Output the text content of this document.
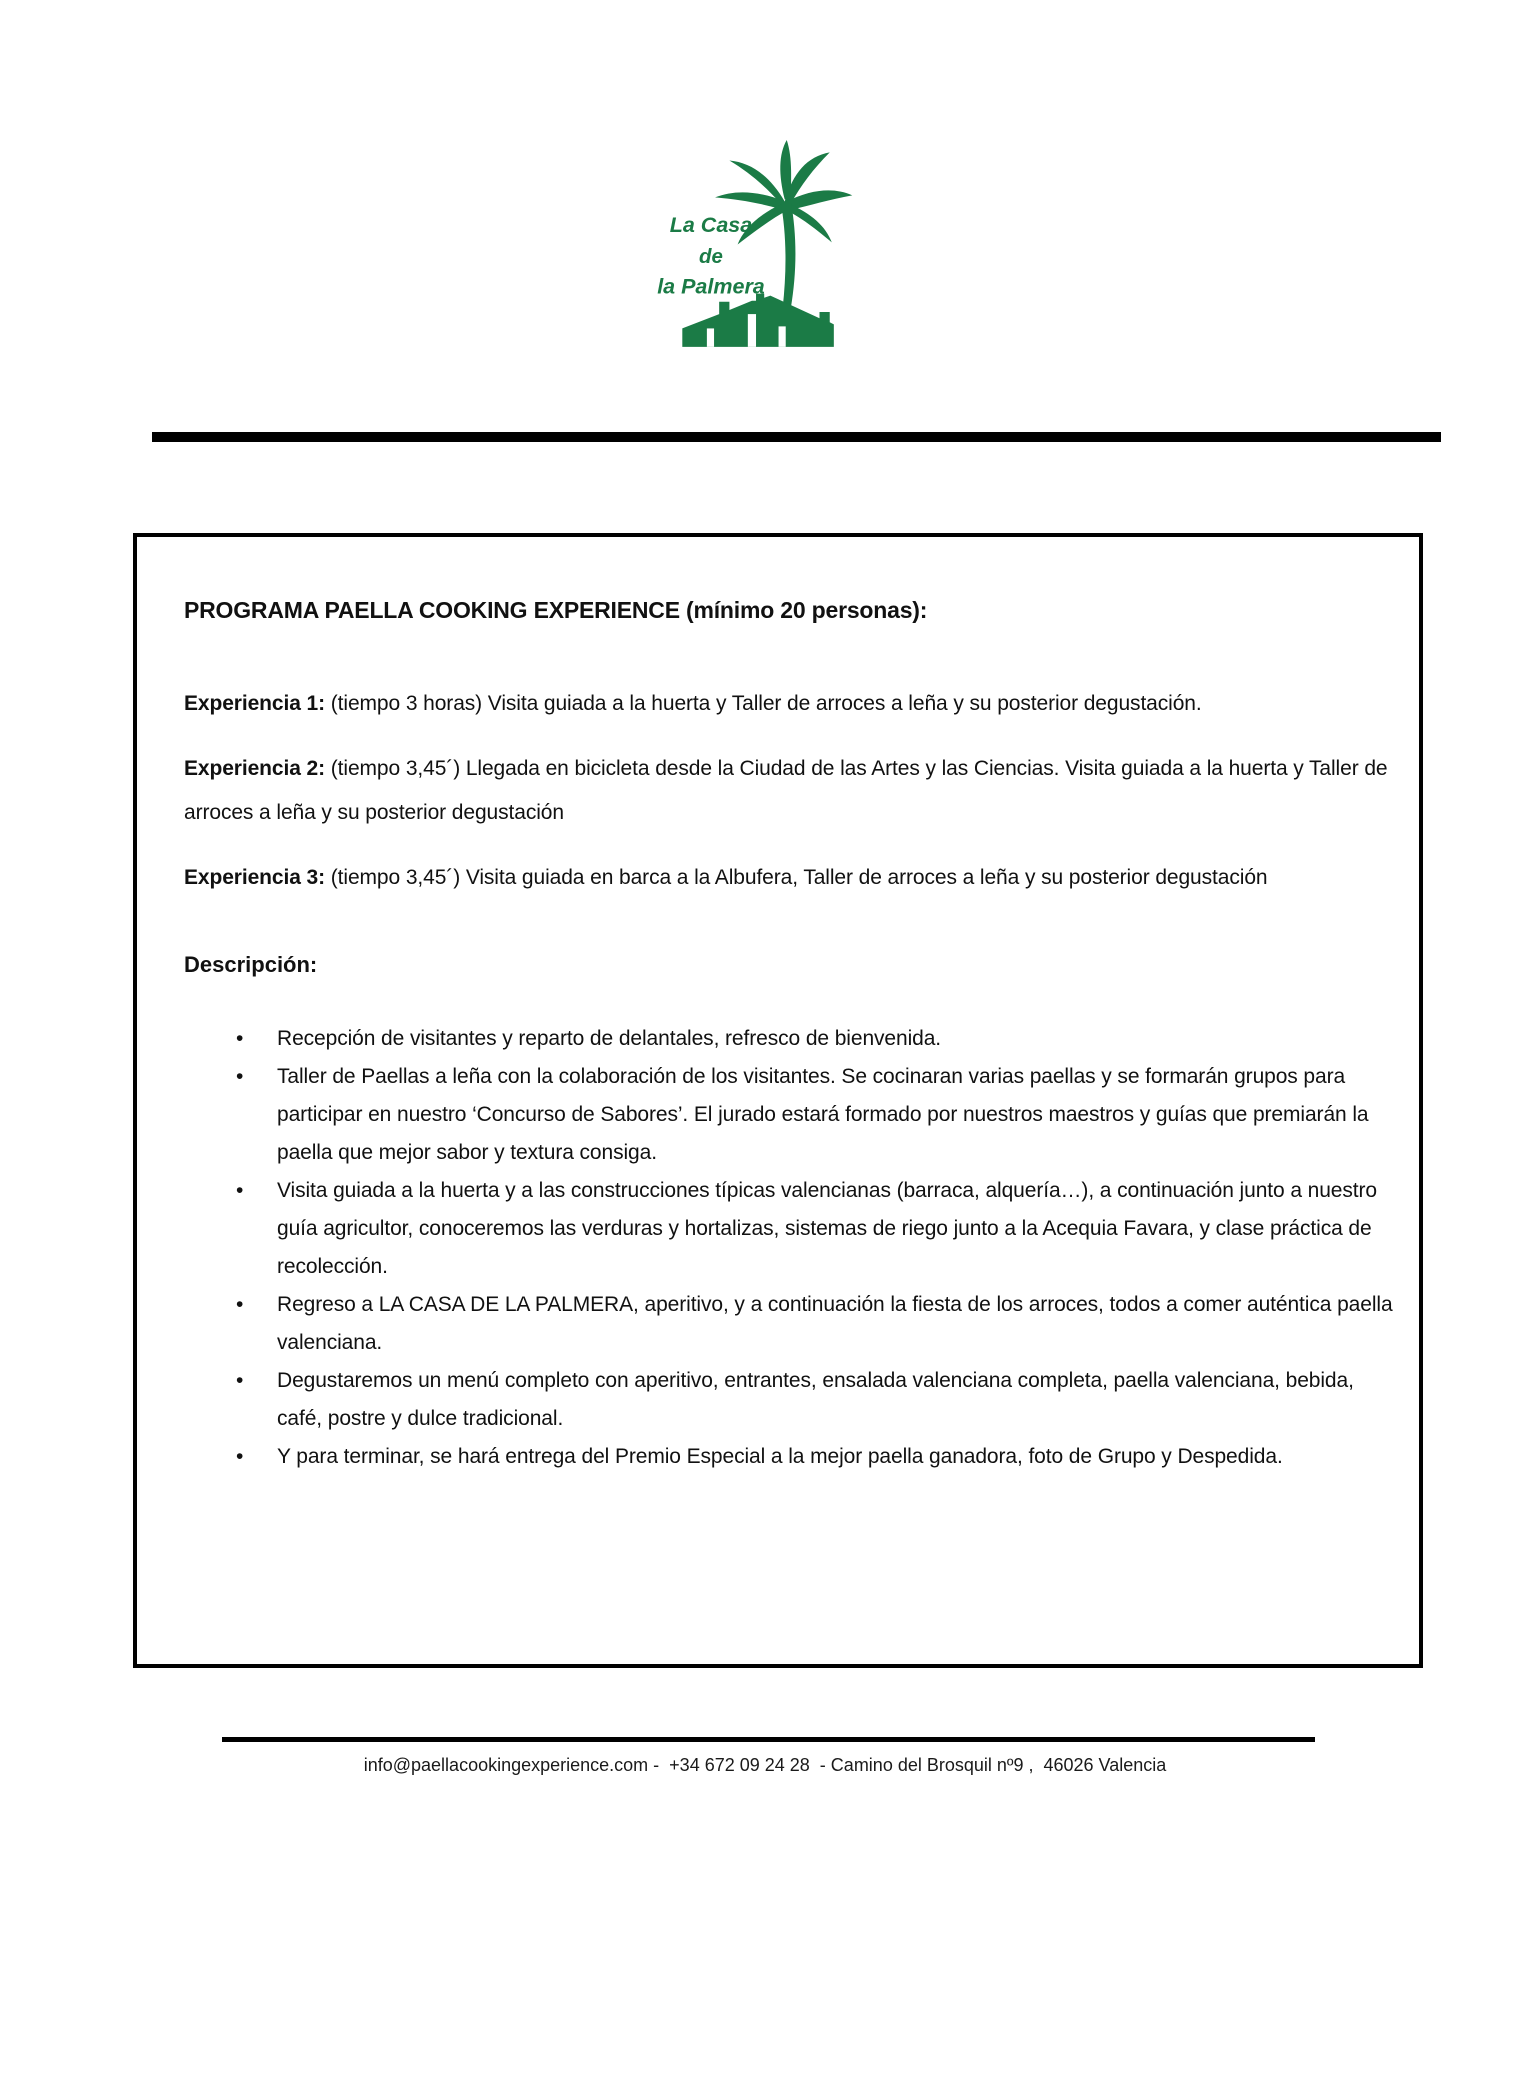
La Casa
de
la Palmera
PROGRAMA PAELLA COOKING EXPERIENCE (mínimo 20 personas):

Experiencia 1: (tiempo 3 horas) Visita guiada a la huerta y Taller de arroces a leña y su posterior degustación.

Experiencia 2: (tiempo 3,45´) Llegada en bicicleta desde la Ciudad de las Artes y las Ciencias. Visita guiada a la huerta y Taller de arroces a leña y su posterior degustación

Experiencia 3: (tiempo 3,45´) Visita guiada en barca a la Albufera, Taller de arroces a leña y su posterior degustación

Descripción:
• Recepción de visitantes y reparto de delantales, refresco de bienvenida.
• Taller de Paellas a leña con la colaboración de los visitantes. Se cocinaran varias paellas y se formarán grupos para participar en nuestro ‘Concurso de Sabores’. El jurado estará formado por nuestros maestros y guías que premiarán la paella que mejor sabor y textura consiga.
• Visita guiada a la huerta y a las construcciones típicas valencianas (barraca, alquería…), a continuación junto a nuestro guía agricultor, conoceremos las verduras y hortalizas, sistemas de riego junto a la Acequia Favara, y clase práctica de recolección.
• Regreso a LA CASA DE LA PALMERA, aperitivo, y a continuación la fiesta de los arroces, todos a comer auténtica paella valenciana.
• Degustaremos un menú completo con aperitivo, entrantes, ensalada valenciana completa, paella valenciana, bebida, café, postre y dulce tradicional.
• Y para terminar, se hará entrega del Premio Especial a la mejor paella ganadora, foto de Grupo y Despedida.
info@paellacookingexperience.com -  +34 672 09 24 28  - Camino del Brosquil nº9 ,  46026 Valencia
